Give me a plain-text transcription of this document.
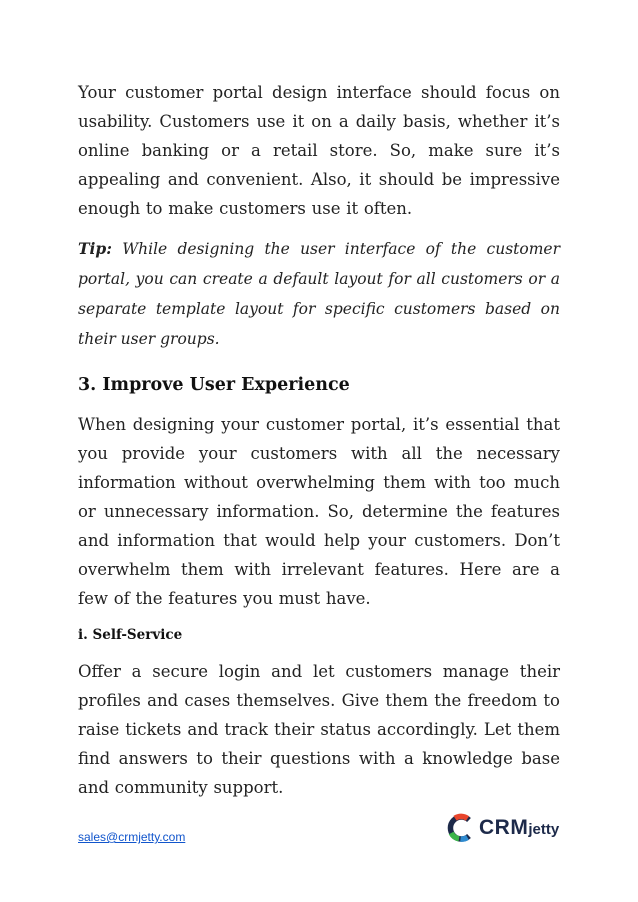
Your customer portal design interface should focus on usability. Customers use it on a daily basis, whether it’s online banking or a retail store. So, make sure it’s appealing and convenient. Also, it should be impressive enough to make customers use it often.

Tip: While designing the user interface of the customer portal, you can create a default layout for all customers or a separate template layout for specific customers based on their user groups.

3. Improve User Experience

When designing your customer portal, it’s essential that you provide your customers with all the necessary information without overwhelming them with too much or unnecessary information. So, determine the features and information that would help your customers. Don’t overwhelm them with irrelevant features. Here are a few of the features you must have.

i. Self-Service

Offer a secure login and let customers manage their profiles and cases themselves. Give them the freedom to raise tickets and track their status accordingly. Let them find answers to their questions with a knowledge base and community support.

sales@crmjetty.com	CRMjetty
